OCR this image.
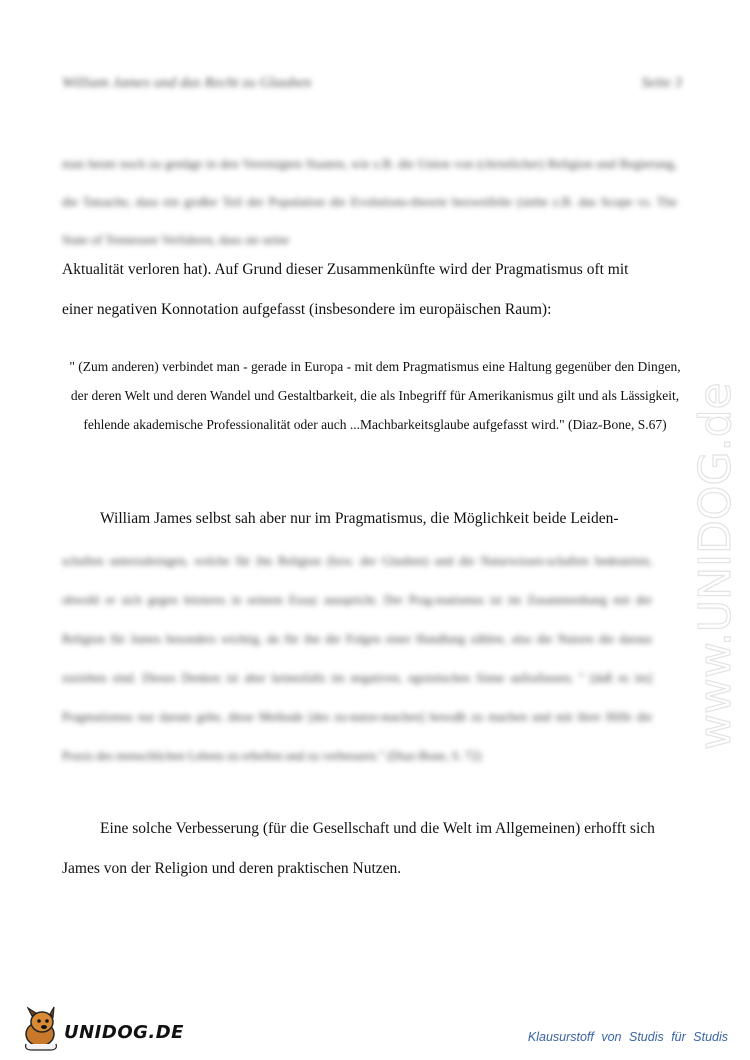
William James und das Recht zu Glauben	Seite 3
man heute noch zu genüge in den Vereinigten Staaten, wie z.B. die Union von (christlicher) Religion und Regierung, die Tatsache, dass ein großer Teil der Population die Evolutions-theorie bezweifelte (siehe z.B. das Scope vs. The State of Tennessee Verfahren, dass sie seine
Aktualität verloren hat). Auf Grund dieser Zusammenkünfte wird der Pragmatismus oft mit
einer negativen Konnotation aufgefasst (insbesondere im europäischen Raum):
" (Zum anderen) verbindet man - gerade in Europa - mit dem Pragmatismus eine Haltung gegenüber den Dingen, der deren Welt und deren Wandel und Gestaltbarkeit, die als Inbegriff für Amerikanismus gilt und als Lässigkeit, fehlende akademische Professionalität oder auch ...Machbarkeitsglaube aufgefasst wird." (Diaz-Bone, S.67)
William James selbst sah aber nur im Pragmatismus, die Möglichkeit beide Leiden-
schaften unterzubringen, welche für ihn Religion (bzw. der Glauben) und die Naturwissen-schaften bedeuteten, obwohl er sich gegen letzteres in seinem Essay ausspricht. Der Prag-matismus ist im Zusammenhang mit der Religion für James besonders wichtig, da für ihn die Folgen einer Handlung zählen, also die Nutzen die daraus zuziehen sind. Dieses Denken ist aber keinesfalls im negativen, egoistischen Sinne aufzufassen; " [daß es im] Pragmatismus nur darum gehe, diese Methode [des zu-nutze-machen] bewußt zu machen und mit ihrer Hilfe die Praxis des menschlichen Lebens zu erhellen und zu verbessern." (Diaz-Bone, S. 72)
Eine solche Verbesserung (für die Gesellschaft und die Welt im Allgemeinen) erhofft sich
James von der Religion und deren praktischen Nutzen.
www.UNIDOG.de
UNIDOG.DE	Klausurstoff von Studis für Studis
